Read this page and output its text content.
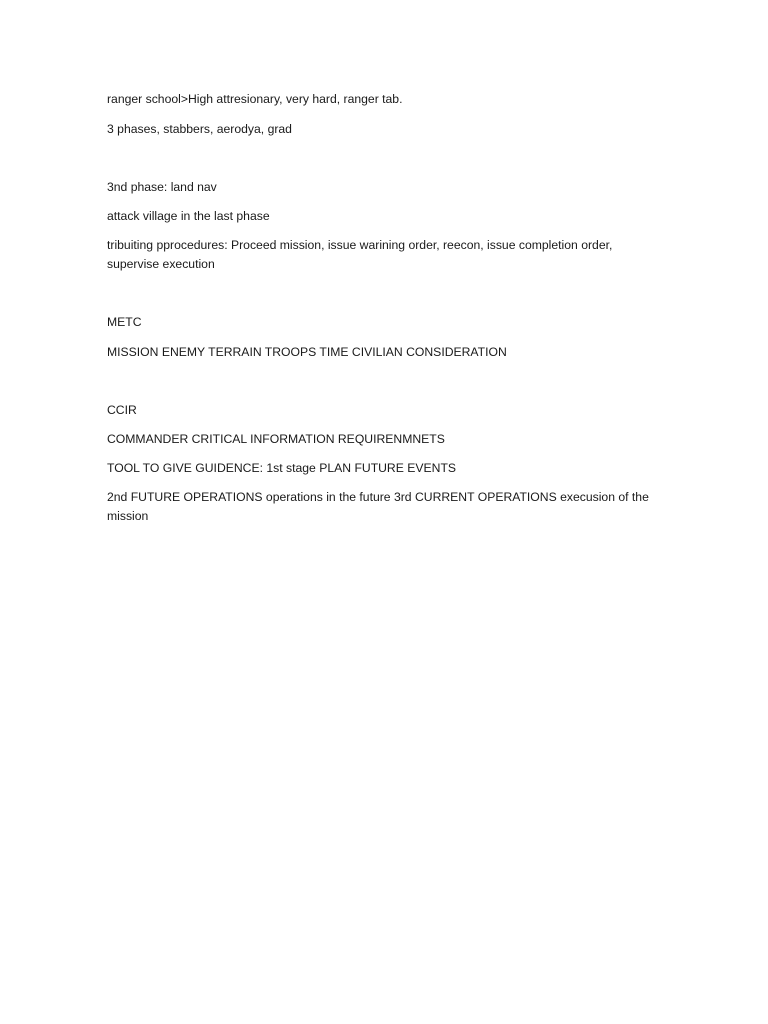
ranger school>High attresionary, very hard, ranger tab.

3 phases, stabbers, aerodya, grad

3nd phase: land nav

attack village in the last phase

tribuiting pprocedures: Proceed mission, issue warining order, reecon, issue completion order, supervise execution

METC

MISSION ENEMY TERRAIN TROOPS TIME CIVILIAN CONSIDERATION

CCIR

COMMANDER CRITICAL INFORMATION REQUIRENMNETS

TOOL TO GIVE GUIDENCE: 1st stage PLAN FUTURE EVENTS

2nd FUTURE OPERATIONS operations in the future 3rd CURRENT OPERATIONS execusion of the mission
